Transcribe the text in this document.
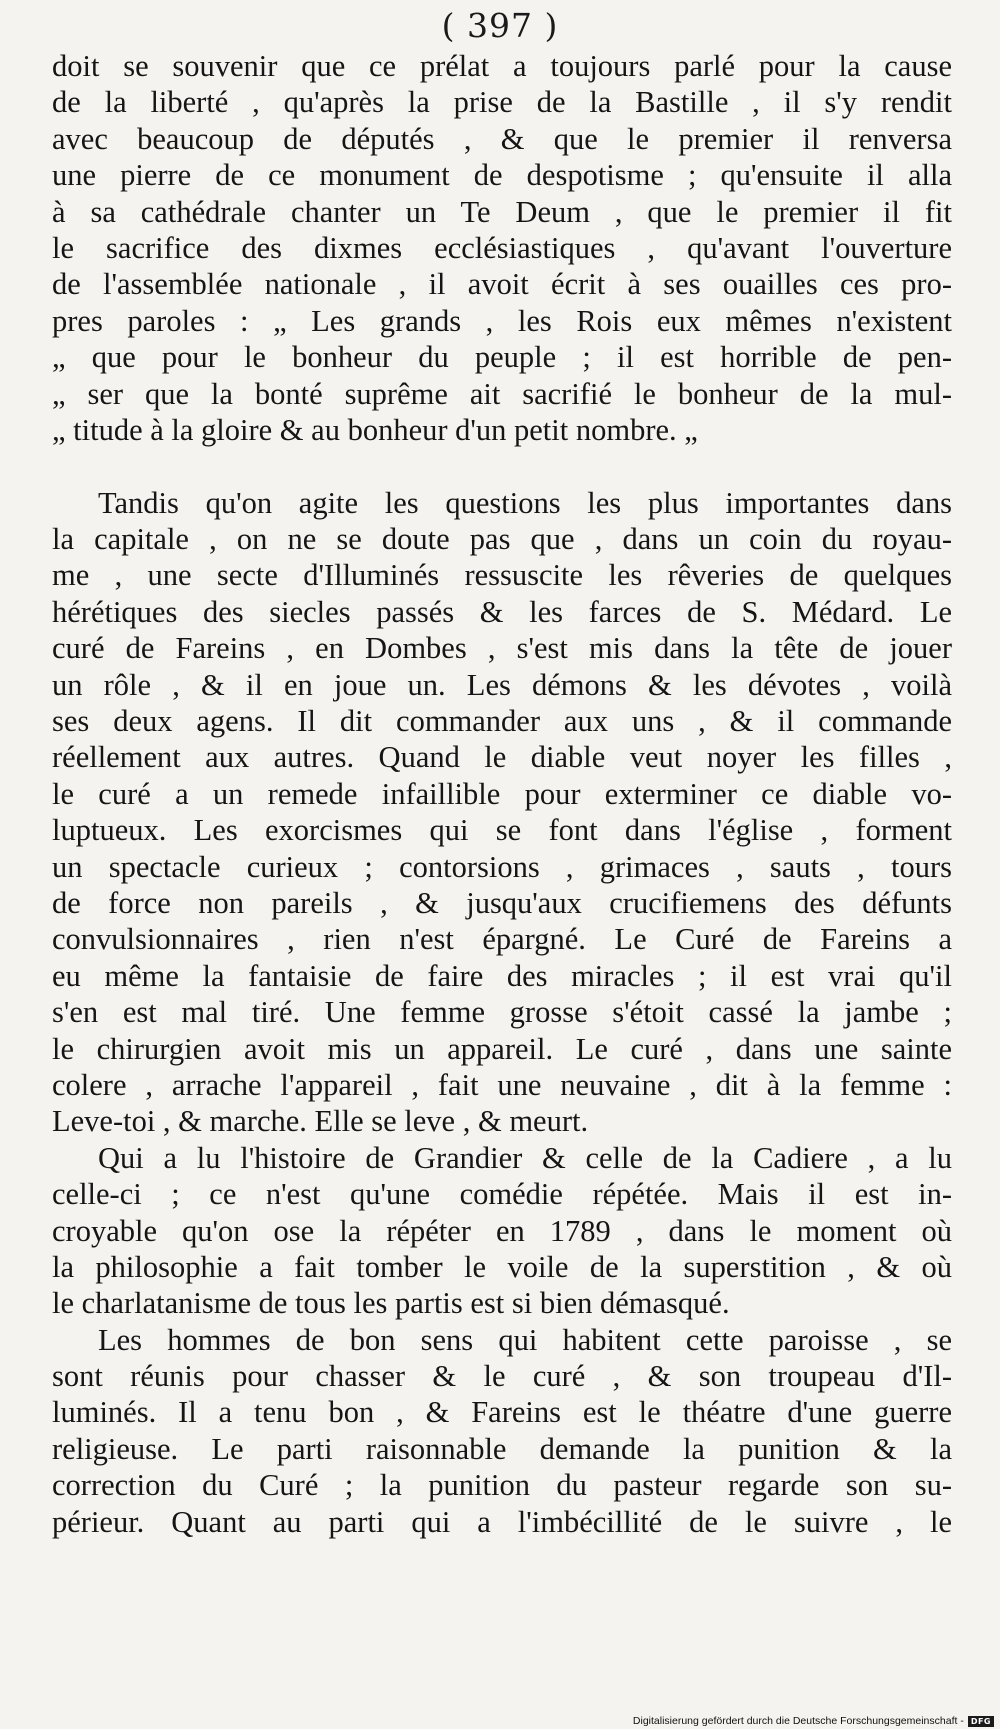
( 397 )

doit se souvenir que ce prélat a toujours parlé pour la cause
de la liberté , qu'après la prise de la Bastille , il s'y rendit
avec beaucoup de députés , & que le premier il renversa
une pierre de ce monument de despotisme ; qu'ensuite il alla
à sa cathédrale chanter un Te Deum , que le premier il fit
le sacrifice des dixmes ecclésiastiques , qu'avant l'ouverture
de l'assemblée nationale , il avoit écrit à ses ouailles ces pro-
pres paroles : „ Les grands , les Rois eux mêmes n'existent
„ que pour le bonheur du peuple ; il est horrible de pen-
„ ser que la bonté suprême ait sacrifié le bonheur de la mul-
„ titude à la gloire & au bonheur d'un petit nombre. „
Tandis qu'on agite les questions les plus importantes dans
la capitale , on ne se doute pas que , dans un coin du royau-
me , une secte d'Illuminés ressuscite les rêveries de quelques
hérétiques des siecles passés & les farces de S. Médard. Le
curé de Fareins , en Dombes , s'est mis dans la tête de jouer
un rôle , & il en joue un. Les démons & les dévotes , voilà
ses deux agens. Il dit commander aux uns , & il commande
réellement aux autres. Quand le diable veut noyer les filles ,
le curé a un remede infaillible pour exterminer ce diable vo-
luptueux. Les exorcismes qui se font dans l'église , forment
un spectacle curieux ; contorsions , grimaces , sauts , tours
de force non pareils , & jusqu'aux crucifiemens des défunts
convulsionnaires , rien n'est épargné. Le Curé de Fareins a
eu même la fantaisie de faire des miracles ; il est vrai qu'il
s'en est mal tiré. Une femme grosse s'étoit cassé la jambe ;
le chirurgien avoit mis un appareil. Le curé , dans une sainte
colere , arrache l'appareil , fait une neuvaine , dit à la femme :
Leve-toi , & marche. Elle se leve , & meurt.
Qui a lu l'histoire de Grandier & celle de la Cadiere , a lu
celle-ci ; ce n'est qu'une comédie répétée. Mais il est in-
croyable qu'on ose la répéter en 1789 , dans le moment où
la philosophie a fait tomber le voile de la superstition , & où
le charlatanisme de tous les partis est si bien démasqué.
Les hommes de bon sens qui habitent cette paroisse , se
sont réunis pour chasser & le curé , & son troupeau d'Il-
luminés. Il a tenu bon , & Fareins est le théatre d'une guerre
religieuse. Le parti raisonnable demande la punition & la
correction du Curé ; la punition du pasteur regarde son su-
périeur. Quant au parti qui a l'imbécillité de le suivre , le
Digitalisierung gefördert durch die Deutsche Forschungsgemeinschaft - DFG
